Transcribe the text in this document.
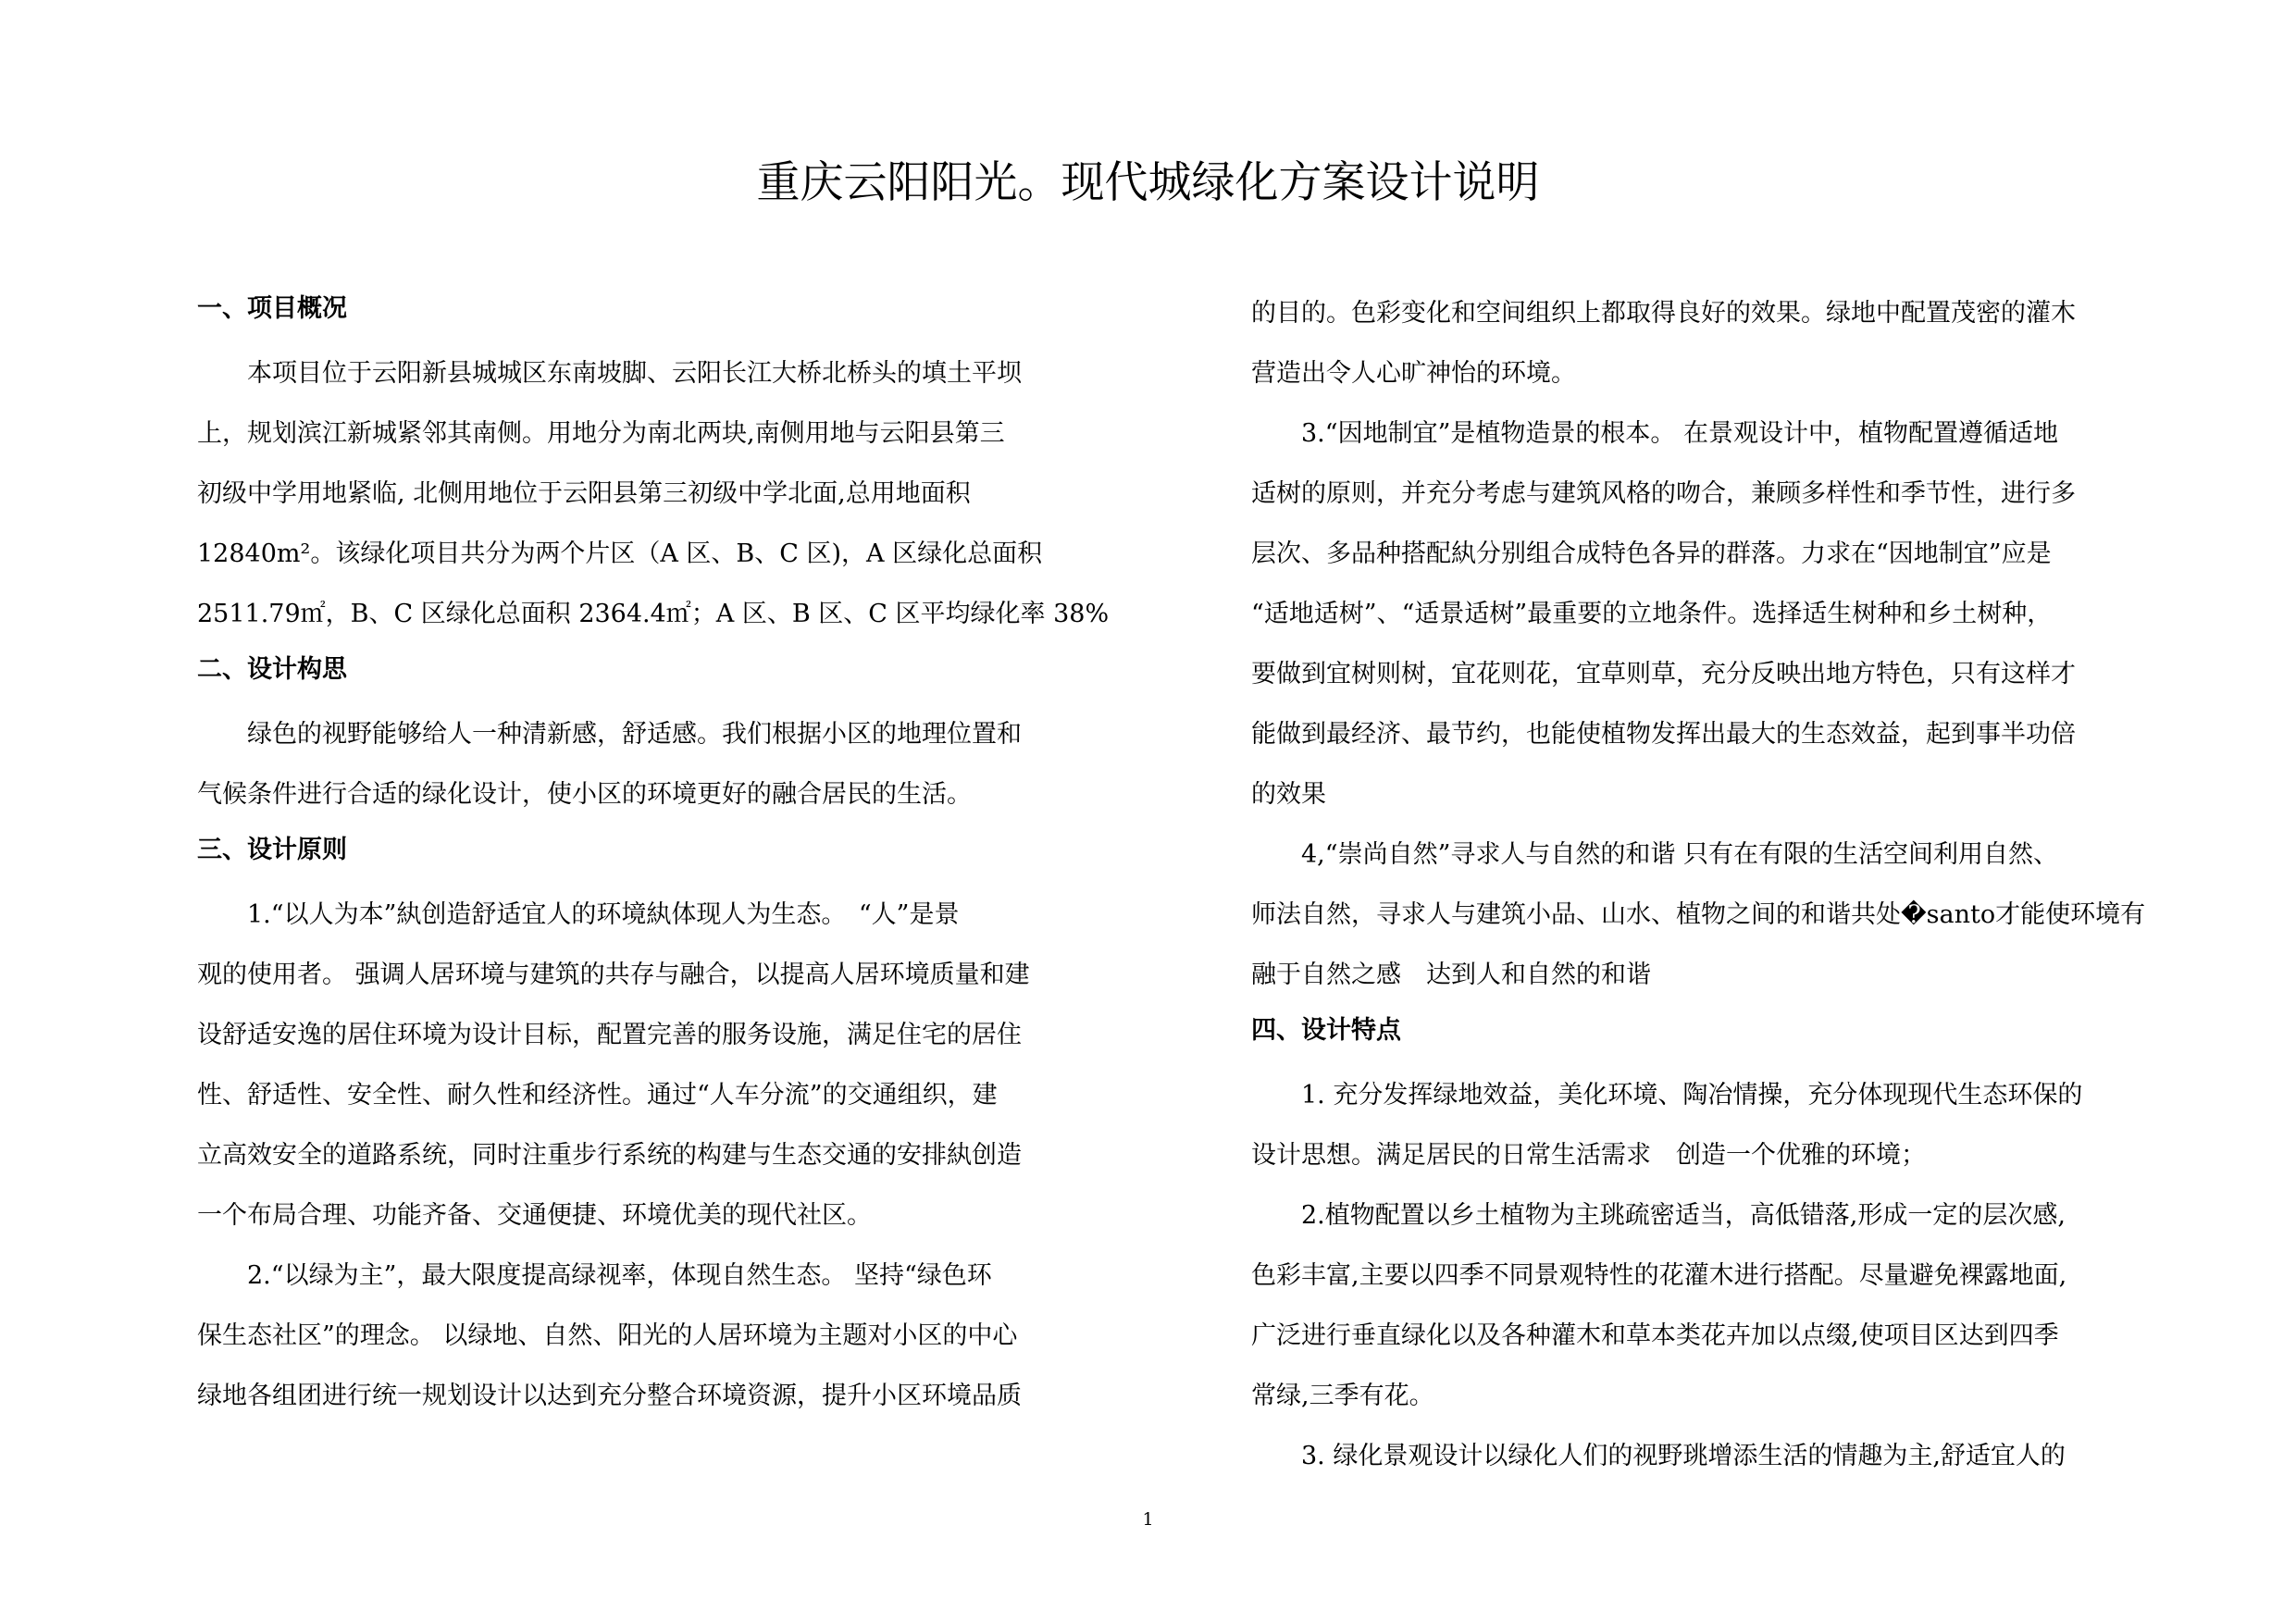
重庆云阳阳光。现代城绿化方案设计说明
一、项目概况

　　本项目位于云阳新县城城区东南坡脚、云阳长江大桥北桥头的填土平坝
上，规划滨江新城紧邻其南侧。用地分为南北两块,南侧用地与云阳县第三
初级中学用地紧临, 北侧用地位于云阳县第三初级中学北面,总用地面积
12840m²。该绿化项目共分为两个片区（A 区、B、C 区)，A 区绿化总面积
2511.79㎡，B、C 区绿化总面积 2364.4㎡；A 区、B 区、C 区平均绿化率 38%

二、设计构思

　　绿色的视野能够给人一种清新感，舒适感。我们根据小区的地理位置和
气候条件进行合适的绿化设计，使小区的环境更好的融合居民的生活。

三、设计原则

　　1.“以人为本”紈创造舒适宜人的环境紈体现人为生态。　“人”是景
观的使用者。 强调人居环境与建筑的共存与融合，以提高人居环境质量和建
设舒适安逸的居住环境为设计目标，配置完善的服务设施，满足住宅的居住
性、舒适性、安全性、耐久性和经济性。通过“人车分流”的交通组织，建
立高效安全的道路系统，同时注重步行系统的构建与生态交通的安排紈创造
一个布局合理、功能齐备、交通便捷、环境优美的现代社区。

　　2.“以绿为主”，最大限度提高绿视率，体现自然生态。 坚持“绿色环
保生态社区”的理念。 以绿地、自然、阳光的人居环境为主题对小区的中心
绿地各组团进行统一规划设计以达到充分整合环境资源，提升小区环境品质

的目的。色彩变化和空间组织上都取得良好的效果。绿地中配置茂密的灌木
营造出令人心旷神怡的环境。

　　3.“因地制宜”是植物造景的根本。 在景观设计中，植物配置遵循适地
适树的原则，并充分考虑与建筑风格的吻合，兼顾多样性和季节性，进行多
层次、多品种搭配紈分别组合成特色各异的群落。力求在“因地制宜”应是
“适地适树”、“适景适树”最重要的立地条件。选择适生树种和乡土树种，
要做到宜树则树，宜花则花，宜草则草，充分反映出地方特色，只有这样才
能做到最经济、最节约，也能使植物发挥出最大的生态效益，起到事半功倍
的效果

　　4,“崇尚自然”寻求人与自然的和谐 只有在有限的生活空间利用自然、
师法自然，寻求人与建筑小品、山水、植物之间的和谐共处�santo才能使环境有
融于自然之感　达到人和自然的和谐

四、设计特点

　　1. 充分发挥绿地效益，美化环境、陶冶情操，充分体现现代生态环保的
设计思想。满足居民的日常生活需求　创造一个优雅的环境；

　　2.植物配置以乡土植物为主珧疏密适当，高低错落,形成一定的层次感,
色彩丰富,主要以四季不同景观特性的花灌木进行搭配。尽量避免裸露地面,
广泛进行垂直绿化以及各种灌木和草本类花卉加以点缀,使项目区达到四季
常绿,三季有花。

　　3. 绿化景观设计以绿化人们的视野珧增添生活的情趣为主,舒适宜人的

1
